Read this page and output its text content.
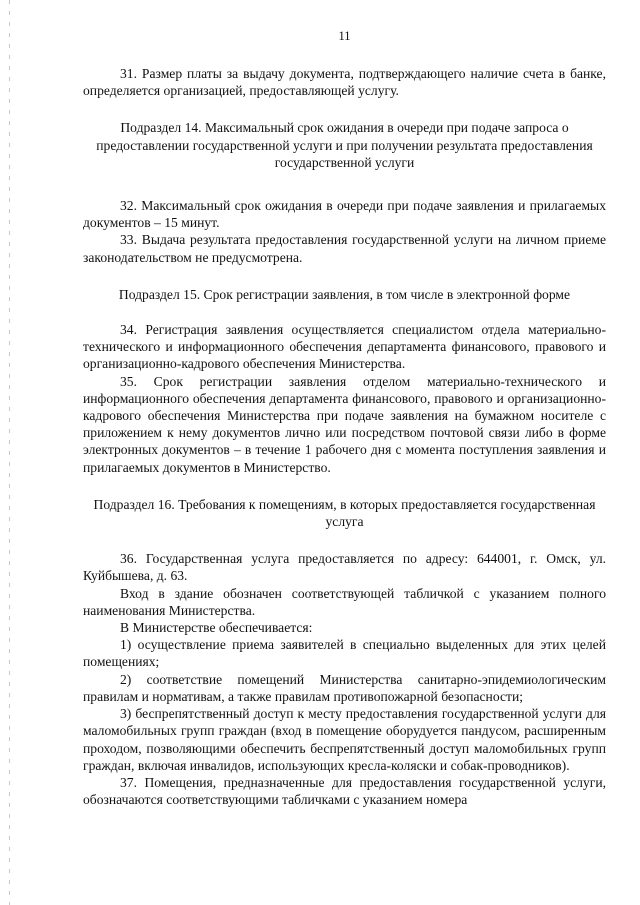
11

31. Размер платы за выдачу документа, подтверждающего наличие счета в банке, определяется организацией, предоставляющей услугу.

Подраздел 14. Максимальный срок ожидания в очереди при подаче запроса о предоставлении государственной услуги и при получении результата предоставления государственной услуги

32. Максимальный срок ожидания в очереди при подаче заявления и прилагаемых документов – 15 минут.

33. Выдача результата предоставления государственной услуги на личном приеме законодательством не предусмотрена.

Подраздел 15. Срок регистрации заявления, в том числе в электронной форме

34. Регистрация заявления осуществляется специалистом отдела материально-технического и информационного обеспечения департамента финансового, правового и организационно-кадрового обеспечения Министерства.

35. Срок регистрации заявления отделом материально-технического и информационного обеспечения департамента финансового, правового и организационно-кадрового обеспечения Министерства при подаче заявления на бумажном носителе с приложением к нему документов лично или посредством почтовой связи либо в форме электронных документов – в течение 1 рабочего дня с момента поступления заявления и прилагаемых документов в Министерство.

Подраздел 16. Требования к помещениям, в которых предоставляется государственная услуга

36. Государственная услуга предоставляется по адресу: 644001, г. Омск, ул. Куйбышева, д. 63.

Вход в здание обозначен соответствующей табличкой с указанием полного наименования Министерства.

В Министерстве обеспечивается:

1) осуществление приема заявителей в специально выделенных для этих целей помещениях;

2) соответствие помещений Министерства санитарно-эпидемиологическим правилам и нормативам, а также правилам противопожарной безопасности;

3) беспрепятственный доступ к месту предоставления государственной услуги для маломобильных групп граждан (вход в помещение оборудуется пандусом, расширенным проходом, позволяющими обеспечить беспрепятственный доступ маломобильных групп граждан, включая инвалидов, использующих кресла-коляски и собак-проводников).

37. Помещения, предназначенные для предоставления государственной услуги, обозначаются соответствующими табличками с указанием номера
